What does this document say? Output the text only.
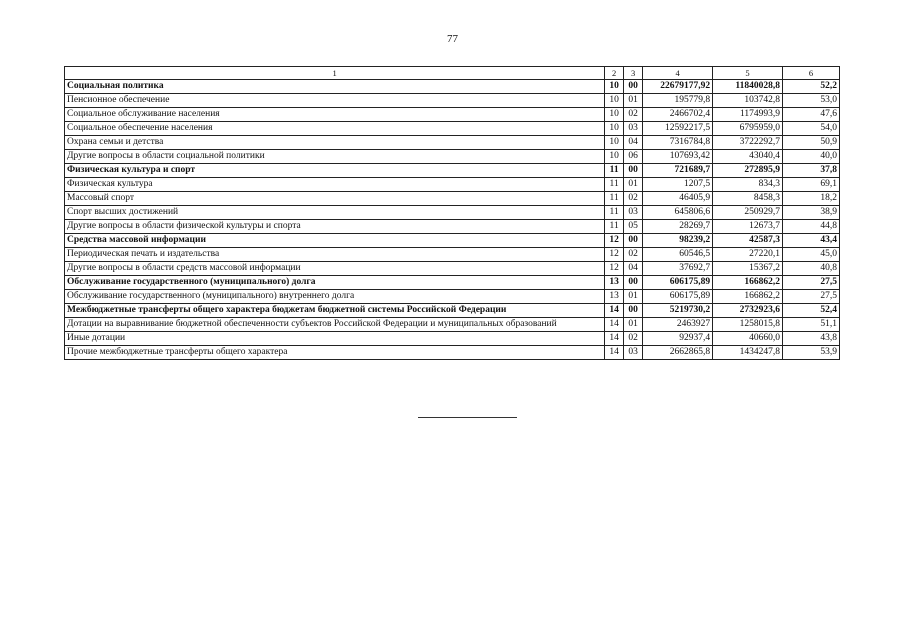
77
1	2	3	4	5	6
Социальная политика	10	00	22679177,92	11840028,8	52,2
Пенсионное обеспечение	10	01	195779,8	103742,8	53,0
Социальное обслуживание населения	10	02	2466702,4	1174993,9	47,6
Социальное обеспечение населения	10	03	12592217,5	6795959,0	54,0
Охрана семьи и детства	10	04	7316784,8	3722292,7	50,9
Другие вопросы в области социальной политики	10	06	107693,42	43040,4	40,0
Физическая культура и спорт	11	00	721689,7	272895,9	37,8
Физическая культура	11	01	1207,5	834,3	69,1
Массовый спорт	11	02	46405,9	8458,3	18,2
Спорт высших достижений	11	03	645806,6	250929,7	38,9
Другие вопросы в области физической культуры и спорта	11	05	28269,7	12673,7	44,8
Средства массовой информации	12	00	98239,2	42587,3	43,4
Периодическая печать и издательства	12	02	60546,5	27220,1	45,0
Другие вопросы в области средств массовой информации	12	04	37692,7	15367,2	40,8
Обслуживание государственного (муниципального) долга	13	00	606175,89	166862,2	27,5
Обслуживание государственного (муниципального) внутреннего долга	13	01	606175,89	166862,2	27,5
Межбюджетные трансферты общего характера бюджетам бюджетной системы Российской Федерации	14	00	5219730,2	2732923,6	52,4
Дотации на выравнивание бюджетной обеспеченности субъектов Российской Федерации и муниципальных образований	14	01	2463927	1258015,8	51,1
Иные дотации	14	02	92937,4	40660,0	43,8
Прочие межбюджетные трансферты общего характера	14	03	2662865,8	1434247,8	53,9
